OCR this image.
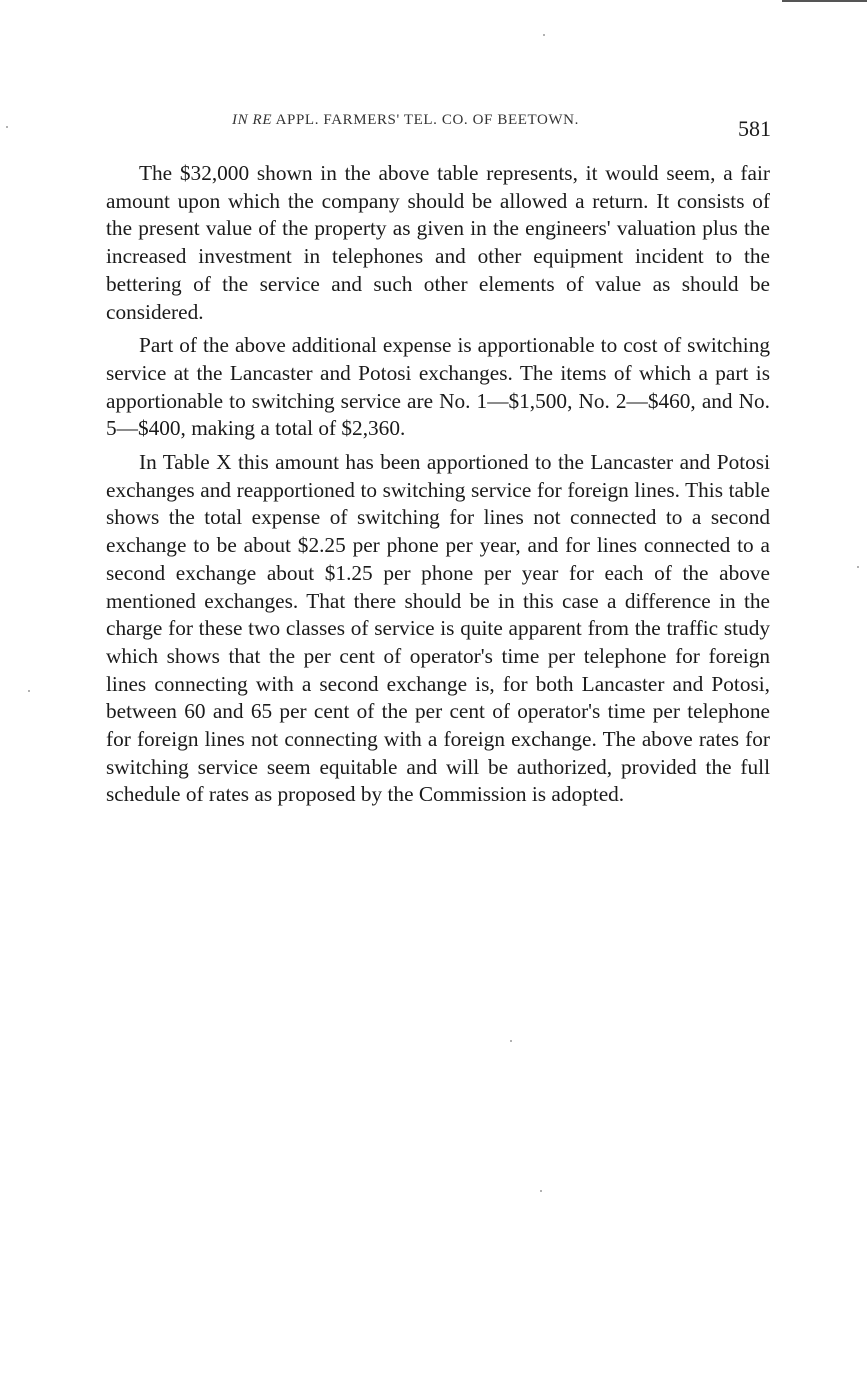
IN RE APPL. FARMERS' TEL. CO. OF BEETOWN.	581

The $32,000 shown in the above table represents, it would seem, a fair amount upon which the company should be allowed a return. It consists of the present value of the property as given in the engineers' valuation plus the increased investment in telephones and other equipment incident to the bettering of the service and such other elements of value as should be considered.

Part of the above additional expense is apportionable to cost of switching service at the Lancaster and Potosi exchanges. The items of which a part is apportionable to switching service are No. 1—$1,500, No. 2—$460, and No. 5—$400, making a total of $2,360.

In Table X this amount has been apportioned to the Lancaster and Potosi exchanges and reapportioned to switching service for foreign lines. This table shows the total expense of switching for lines not connected to a second exchange to be about $2.25 per phone per year, and for lines connected to a second exchange about $1.25 per phone per year for each of the above mentioned exchanges. That there should be in this case a difference in the charge for these two classes of service is quite apparent from the traffic study which shows that the per cent of operator's time per telephone for foreign lines connecting with a second exchange is, for both Lancaster and Potosi, between 60 and 65 per cent of the per cent of operator's time per telephone for foreign lines not connecting with a foreign exchange. The above rates for switching service seem equitable and will be authorized, provided the full schedule of rates as proposed by the Commission is adopted.
